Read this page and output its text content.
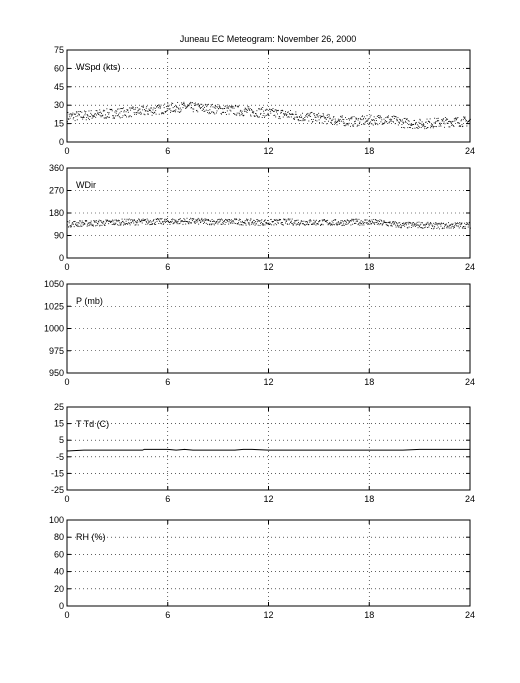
Juneau EC Meteogram: November 26, 2000
0	6	12	18	24
0
15
30
45
60
75
WSpd (kts)
0	6	12	18	24
0
90
180
270
360
WDir
0	6	12	18	24
950
975
1000
1025
1050
P (mb)
0	6	12	18	24
-25
-15
-5
5
15
25
T Td (C)
0	6	12	18	24
0
20
40
60
80
100
RH (%)
